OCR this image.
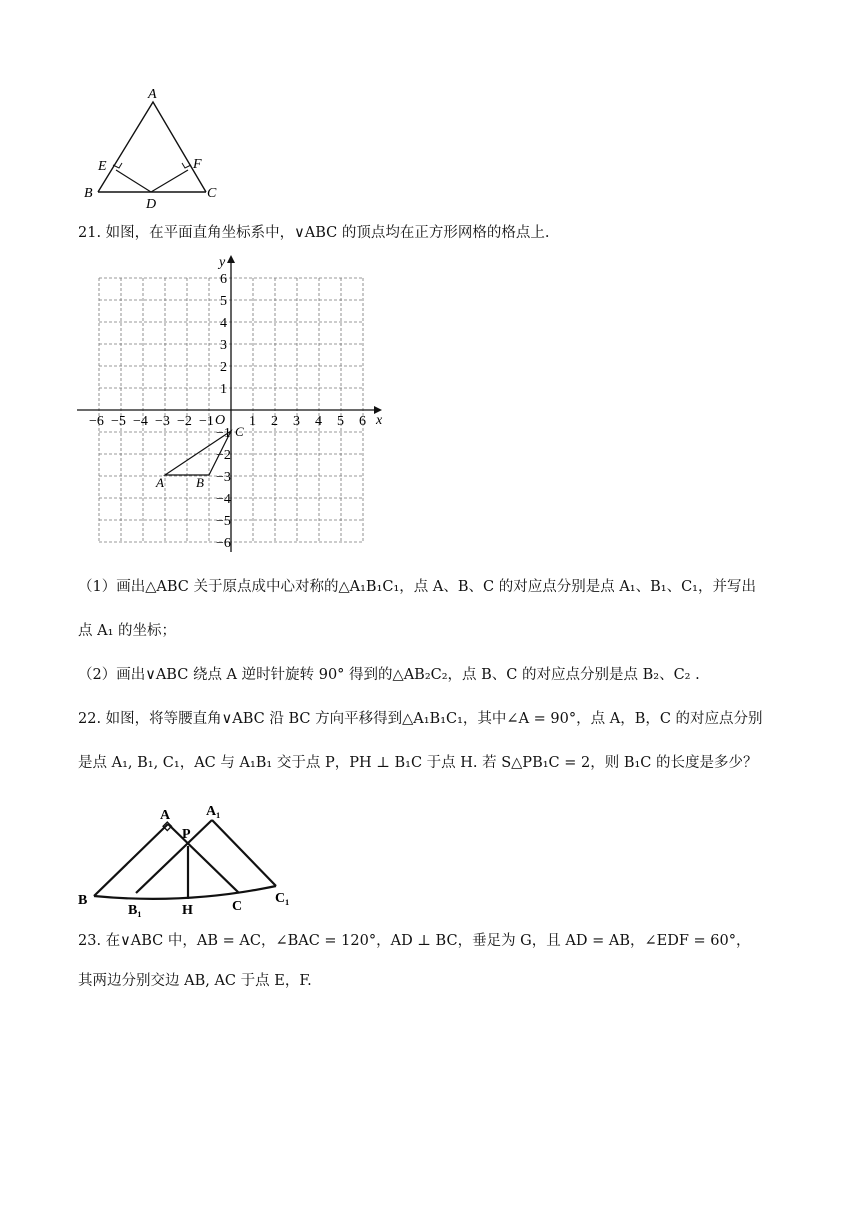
A
B	C
D
E	F
21. 如图，在平面直角坐标系中，∨ABC 的顶点均在正方形网格的格点上.
x
y
O
−6 −5 −4 −3 −2 −1	1 2 3 4 5 6
6
5
4
3
2
1
−1
−2
−3
−4
−5
−6
A B
C
（1）画出△ABC 关于原点成中心对称的△A₁B₁C₁，点 A、B、C 的对应点分别是点 A₁、B₁、C₁，并写出
点 A₁ 的坐标；
（2）画出∨ABC 绕点 A 逆时针旋转 90° 得到的△AB₂C₂，点 B、C 的对应点分别是点 B₂、C₂ .
22. 如图，将等腰直角∨ABC 沿 BC 方向平移得到△A₁B₁C₁，其中∠A = 90°，点 A，B，C 的对应点分别
是点 A₁, B₁, C₁，AC 与 A₁B₁ 交于点 P，PH ⊥ B₁C 于点 H. 若 S△PB₁C = 2，则 B₁C 的长度是多少？
A	A₁
P
B
B₁	H	C
C₁
23. 在∨ABC 中，AB = AC，∠BAC = 120°，AD ⊥ BC，垂足为 G，且 AD = AB，∠EDF = 60°，
其两边分别交边 AB, AC 于点 E，F.
